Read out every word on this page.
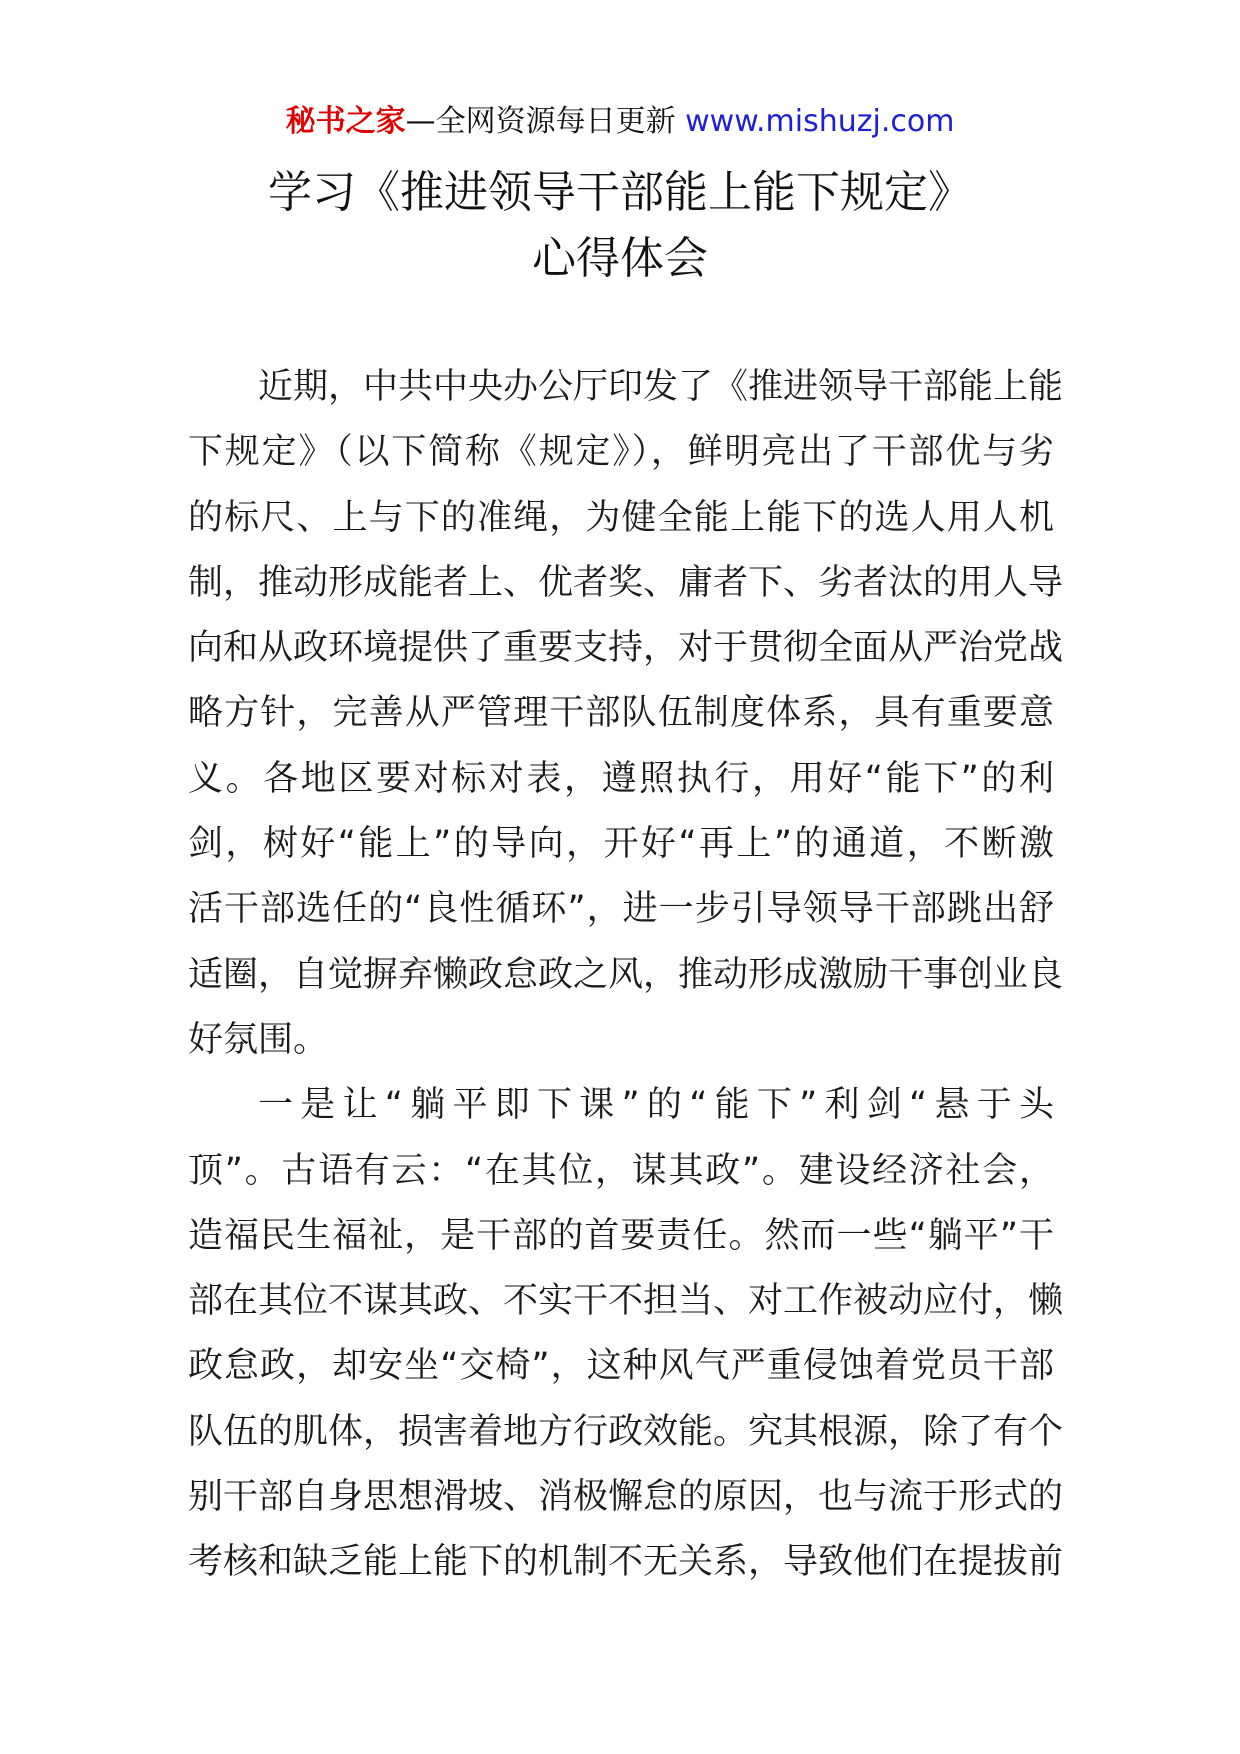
秘书之家—全网资源每日更新 www.mishuzj.com
学习《推进领导干部能上能下规定》
心得体会
近期，中共中央办公厅印发了《推进领导干部能上能
下规定》（以下简称《规定》），鲜明亮出了干部优与劣
的标尺、上与下的准绳，为健全能上能下的选人用人机
制，推动形成能者上、优者奖、庸者下、劣者汰的用人导
向和从政环境提供了重要支持，对于贯彻全面从严治党战
略方针，完善从严管理干部队伍制度体系，具有重要意
义。各地区要对标对表，遵照执行，用好“能下”的利
剑，树好“能上”的导向，开好“再上”的通道，不断激
活干部选任的“良性循环”，进一步引导领导干部跳出舒
适圈，自觉摒弃懒政怠政之风，推动形成激励干事创业良
好氛围。
一是让“躺平即下课”的“能下”利剑“悬于头
顶”。古语有云：“在其位，谋其政”。建设经济社会，
造福民生福祉，是干部的首要责任。然而一些“躺平”干
部在其位不谋其政、不实干不担当、对工作被动应付，懒
政怠政，却安坐“交椅”，这种风气严重侵蚀着党员干部
队伍的肌体，损害着地方行政效能。究其根源，除了有个
别干部自身思想滑坡、消极懈怠的原因，也与流于形式的
考核和缺乏能上能下的机制不无关系，导致他们在提拔前
